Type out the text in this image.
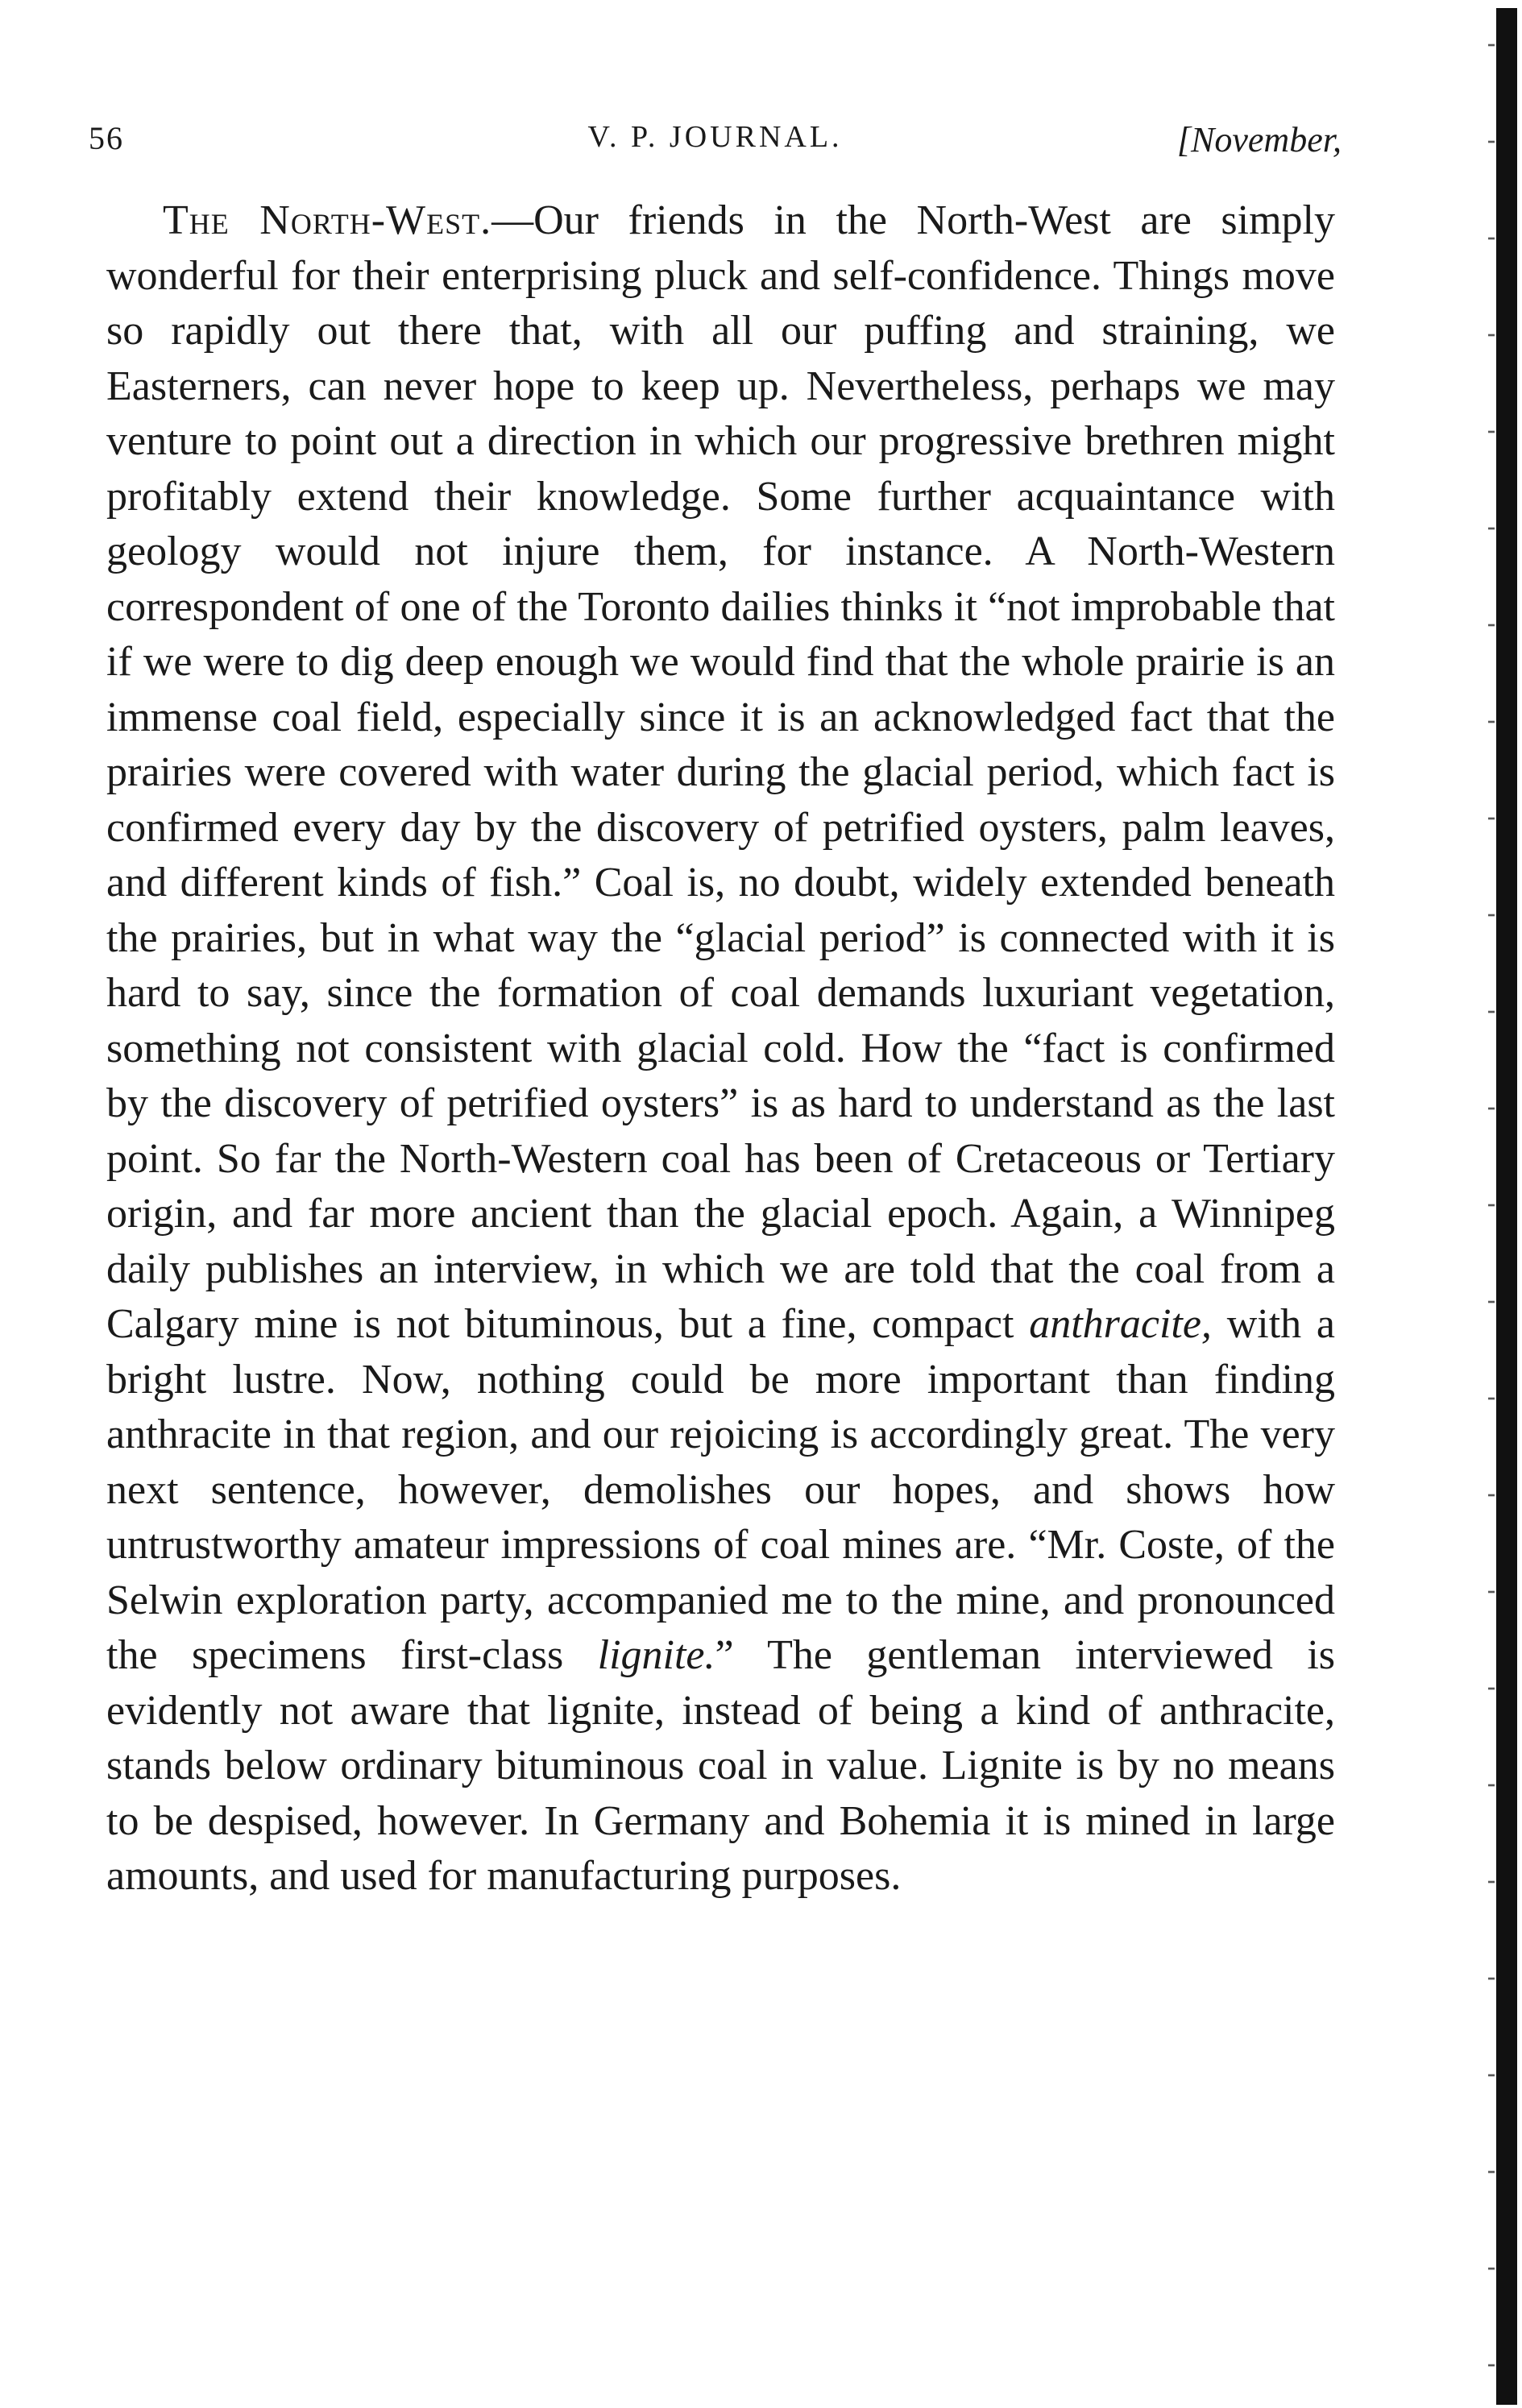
56	V. P. JOURNAL.	[November,

The North-West.—Our friends in the North-West are simply wonderful for their enterprising pluck and self-confidence. Things move so rapidly out there that, with all our puffing and straining, we Easterners, can never hope to keep up. Nevertheless, perhaps we may venture to point out a direction in which our progressive brethren might profitably extend their knowledge. Some further acquaintance with geology would not injure them, for instance. A North-Western correspondent of one of the Toronto dailies thinks it “not improbable that if we were to dig deep enough we would find that the whole prairie is an immense coal field, especially since it is an acknowledged fact that the prairies were covered with water during the glacial period, which fact is confirmed every day by the discovery of petrified oysters, palm leaves, and different kinds of fish.” Coal is, no doubt, widely extended beneath the prairies, but in what way the “glacial period” is connected with it is hard to say, since the formation of coal demands luxuriant vegetation, something not consistent with glacial cold. How the “fact is confirmed by the discovery of petrified oysters” is as hard to understand as the last point. So far the North-Western coal has been of Cretaceous or Tertiary origin, and far more ancient than the glacial epoch. Again, a Winnipeg daily publishes an interview, in which we are told that the coal from a Calgary mine is not bituminous, but a fine, compact anthracite, with a bright lustre. Now, nothing could be more important than finding anthracite in that region, and our rejoicing is accordingly great. The very next sentence, however, demolishes our hopes, and shows how untrustworthy amateur impressions of coal mines are. “Mr. Coste, of the Selwin exploration party, accompanied me to the mine, and pronounced the specimens first-class lignite.” The gentleman interviewed is evidently not aware that lignite, instead of being a kind of anthracite, stands below ordinary bituminous coal in value. Lignite is by no means to be despised, however. In Germany and Bohemia it is mined in large amounts, and used for manufacturing purposes.
